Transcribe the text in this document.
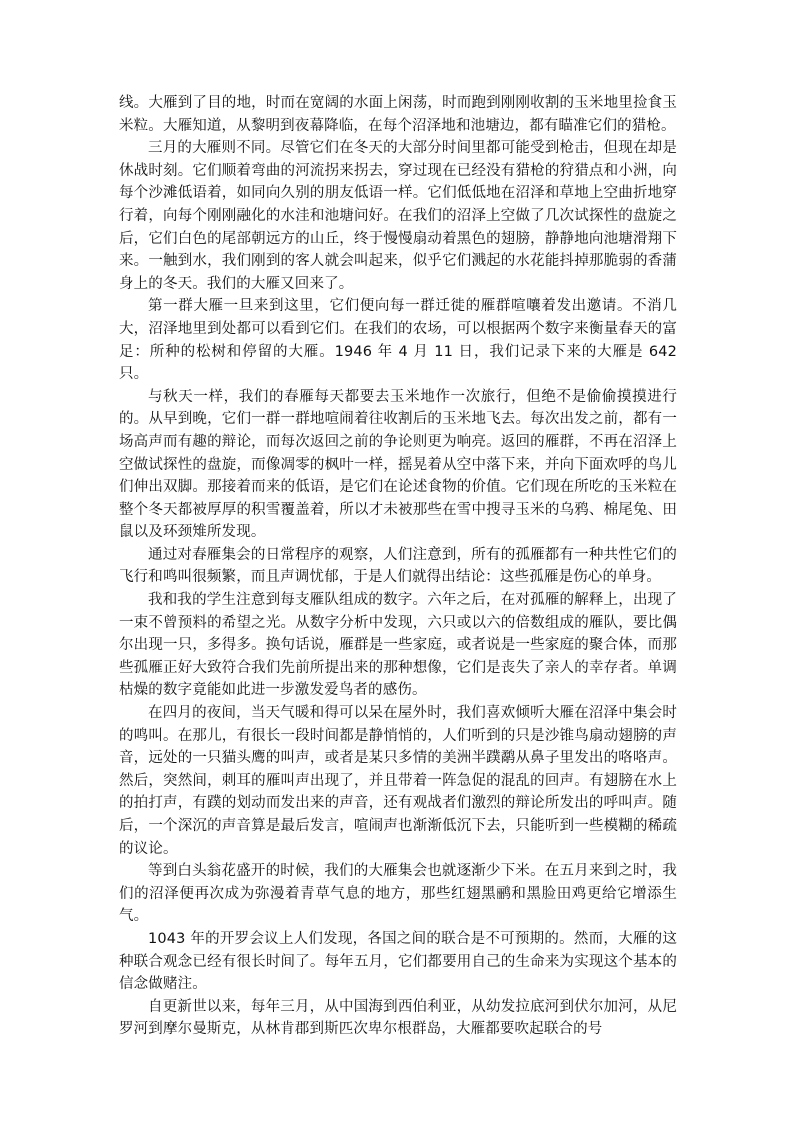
线。大雁到了目的地，时而在宽阔的水面上闲荡，时而跑到刚刚收割的玉米地里捡食玉米粒。大雁知道，从黎明到夜幕降临，在每个沼泽地和池塘边，都有瞄准它们的猎枪。

三月的大雁则不同。尽管它们在冬天的大部分时间里都可能受到枪击，但现在却是休战时刻。它们顺着弯曲的河流拐来拐去，穿过现在已经没有猎枪的狩猎点和小洲，向每个沙滩低语着，如同向久别的朋友低语一样。它们低低地在沼泽和草地上空曲折地穿行着，向每个刚刚融化的水洼和池塘问好。在我们的沼泽上空做了几次试探性的盘旋之后，它们白色的尾部朝远方的山丘，终于慢慢扇动着黑色的翅膀，静静地向池塘滑翔下来。一触到水，我们刚到的客人就会叫起来，似乎它们溅起的水花能抖掉那脆弱的香蒲身上的冬天。我们的大雁又回来了。

第一群大雁一旦来到这里，它们便向每一群迁徙的雁群喧嚷着发出邀请。不消几大，沼泽地里到处都可以看到它们。在我们的农场，可以根据两个数字来衡量春天的富足：所种的松树和停留的大雁。1946 年 4 月 11 日，我们记录下来的大雁是 642 只。

与秋天一样，我们的春雁每天都要去玉米地作一次旅行，但绝不是偷偷摸摸进行的。从早到晚，它们一群一群地喧闹着往收割后的玉米地飞去。每次出发之前，都有一场高声而有趣的辩论，而每次返回之前的争论则更为响亮。返回的雁群，不再在沼泽上空做试探性的盘旋，而像凋零的枫叶一样，摇晃着从空中落下来，并向下面欢呼的鸟儿们伸出双脚。那接着而来的低语，是它们在论述食物的价值。它们现在所吃的玉米粒在整个冬天都被厚厚的积雪覆盖着，所以才未被那些在雪中搜寻玉米的乌鸦、棉尾兔、田鼠以及环颈雉所发现。

通过对春雁集会的日常程序的观察，人们注意到，所有的孤雁都有一种共性它们的飞行和鸣叫很频繁，而且声调忧郁，于是人们就得出结论：这些孤雁是伤心的单身。

我和我的学生注意到每支雁队组成的数字。六年之后，在对孤雁的解释上，出现了一束不曾预料的希望之光。从数字分析中发现，六只或以六的倍数组成的雁队，要比偶尔出现一只，多得多。换句话说，雁群是一些家庭，或者说是一些家庭的聚合体，而那些孤雁正好大致符合我们先前所提出来的那种想像，它们是丧失了亲人的幸存者。单调枯燥的数字竟能如此进一步激发爱鸟者的感伤。

在四月的夜间，当天气暖和得可以呆在屋外时，我们喜欢倾听大雁在沼泽中集会时的鸣叫。在那儿，有很长一段时间都是静悄悄的，人们听到的只是沙锥鸟扇动翅膀的声音，远处的一只猫头鹰的叫声，或者是某只多情的美洲半蹼鹬从鼻子里发出的咯咯声。然后，突然间，刺耳的雁叫声出现了，并且带着一阵急促的混乱的回声。有翅膀在水上的拍打声，有蹼的划动而发出来的声音，还有观战者们激烈的辩论所发出的呼叫声。随后，一个深沉的声音算是最后发言，喧闹声也渐渐低沉下去，只能听到一些模糊的稀疏的议论。

等到白头翁花盛开的时候，我们的大雁集会也就逐渐少下米。在五月来到之时，我们的沼泽便再次成为弥漫着青草气息的地方，那些红翅黑鹂和黑脸田鸡更给它增添生气。

1043 年的开罗会议上人们发现，各国之间的联合是不可预期的。然而，大雁的这种联合观念已经有很长时间了。每年五月，它们都要用自己的生命来为实现这个基本的信念做赌注。

自更新世以来，每年三月，从中国海到西伯利亚，从幼发拉底河到伏尔加河，从尼罗河到摩尔曼斯克，从林肯郡到斯匹次卑尔根群岛，大雁都要吹起联合的号
